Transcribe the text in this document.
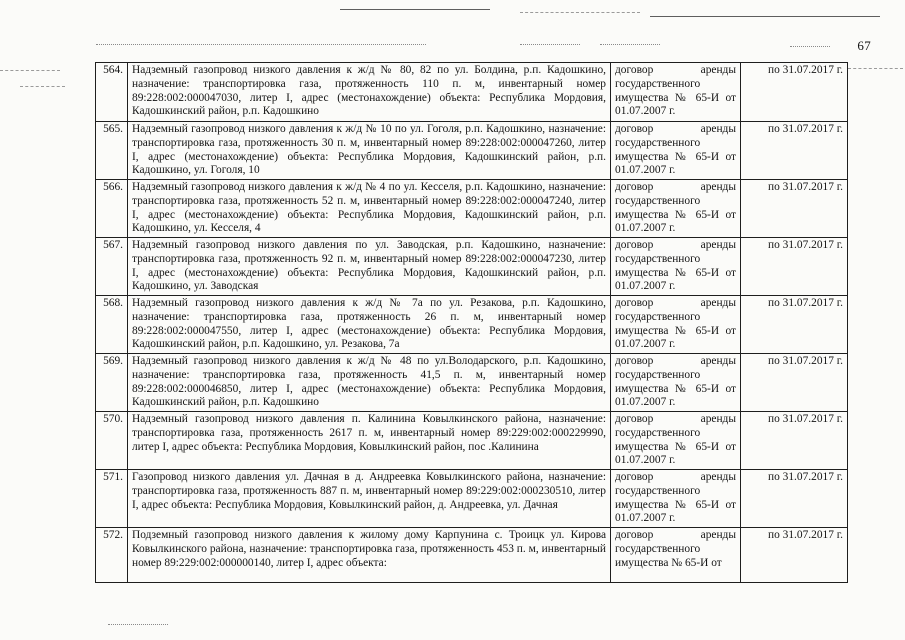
67
564.	Надземный газопровод низкого давления к ж/д № 80, 82 по ул. Болдина, р.п. Кадошкино, назначение: транспортировка газа, протяженность 110 п. м, инвентарный номер 89:228:002:000047030, литер I, адрес (местонахождение) объекта: Республика Мордовия, Кадошкинский район, р.п. Кадошкино	договор аренды государственного имущества № 65-И от 01.07.2007 г.	по 31.07.2017 г.
565.	Надземный газопровод низкого давления к ж/д № 10 по ул. Гоголя, р.п. Кадошкино, назначение: транспортировка газа, протяженность 30 п. м, инвентарный номер 89:228:002:000047260, литер I, адрес (местонахождение) объекта: Республика Мордовия, Кадошкинский район, р.п. Кадошкино, ул. Гоголя, 10	договор аренды государственного имущества № 65-И от 01.07.2007 г.	по 31.07.2017 г.
566.	Надземный газопровод низкого давления к ж/д № 4 по ул. Кесселя, р.п. Кадошкино, назначение: транспортировка газа, протяженность 52 п. м, инвентарный номер 89:228:002:000047240, литер I, адрес (местонахождение) объекта: Республика Мордовия, Кадошкинский район, р.п. Кадошкино, ул. Кесселя, 4	договор аренды государственного имущества № 65-И от 01.07.2007 г.	по 31.07.2017 г.
567.	Надземный газопровод низкого давления по ул. Заводская, р.п. Кадошкино, назначение: транспортировка газа, протяженность 92 п. м, инвентарный номер 89:228:002:000047230, литер I, адрес (местонахождение) объекта: Республика Мордовия, Кадошкинский район, р.п. Кадошкино, ул. Заводская	договор аренды государственного имущества № 65-И от 01.07.2007 г.	по 31.07.2017 г.
568.	Надземный газопровод низкого давления к ж/д № 7а по ул. Резакова, р.п. Кадошкино, назначение: транспортировка газа, протяженность 26 п. м, инвентарный номер 89:228:002:000047550, литер I, адрес (местонахождение) объекта: Республика Мордовия, Кадошкинский район, р.п. Кадошкино, ул. Резакова, 7а	договор аренды государственного имущества № 65-И от 01.07.2007 г.	по 31.07.2017 г.
569.	Надземный газопровод низкого давления к ж/д № 48 по ул.Володарского, р.п. Кадошкино, назначение: транспортировка газа, протяженность 41,5 п. м, инвентарный номер 89:228:002:000046850, литер I, адрес (местонахождение) объекта: Республика Мордовия, Кадошкинский район, р.п. Кадошкино	договор аренды государственного имущества № 65-И от 01.07.2007 г.	по 31.07.2017 г.
570.	Надземный газопровод низкого давления п. Калинина Ковылкинского района, назначение: транспортировка газа, протяженность 2617 п. м, инвентарный номер 89:229:002:000229990, литер I, адрес объекта: Республика Мордовия, Ковылкинский район, пос .Калинина	договор аренды государственного имущества № 65-И от 01.07.2007 г.	по 31.07.2017 г.
571.	Газопровод низкого давления ул. Дачная в д. Андреевка Ковылкинского района, назначение: транспортировка газа, протяженность 887 п. м, инвентарный номер 89:229:002:000230510, литер I, адрес объекта: Республика Мордовия, Ковылкинский район, д. Андреевка, ул. Дачная	договор аренды государственного имущества № 65-И от 01.07.2007 г.	по 31.07.2017 г.
572.	Подземный газопровод низкого давления к жилому дому Карпунина с. Троицк ул. Кирова Ковылкинского района, назначение: транспортировка газа, протяженность 453 п. м, инвентарный номер 89:229:002:000000140, литер I, адрес объекта:	договор аренды государственного имущества № 65-И от	по 31.07.2017 г.
